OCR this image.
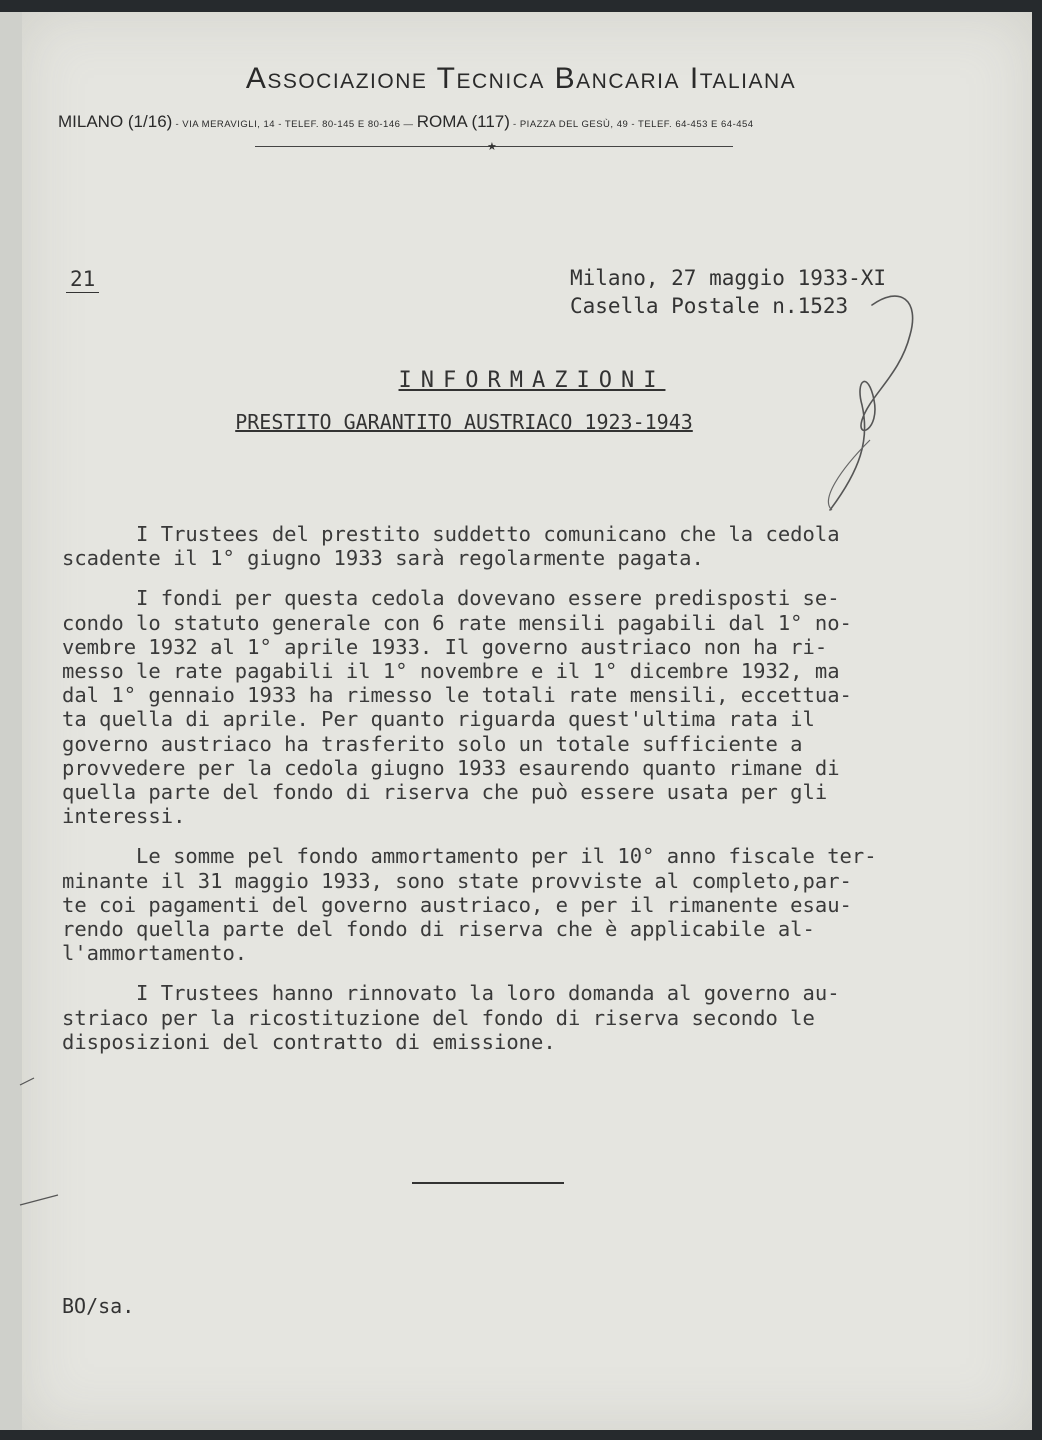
Associazione Tecnica Bancaria Italiana
MILANO (1/16) - VIA MERAVIGLI, 14 - TELEF. 80-145 E 80-146 — ROMA (117) - PIAZZA DEL GESÙ, 49 - TELEF. 64-453 E 64-454
★
21	Milano, 27 maggio 1933-XI
Casella Postale n.1523
INFORMAZIONI
PRESTITO GARANTITO AUSTRIACO 1923-1943

I Trustees del prestito suddetto comunicano che la cedola
scadente il 1° giugno 1933 sarà regolarmente pagata.

I fondi per questa cedola dovevano essere predisposti se-
condo lo statuto generale con 6 rate mensili pagabili dal 1° no-
vembre 1932 al 1° aprile 1933. Il governo austriaco non ha ri-
messo le rate pagabili il 1° novembre e il 1° dicembre 1932, ma
dal 1° gennaio 1933 ha rimesso le totali rate mensili, eccettua-
ta quella di aprile. Per quanto riguarda quest'ultima rata il
governo austriaco ha trasferito solo un totale sufficiente a
provvedere per la cedola giugno 1933 esaurendo quanto rimane di
quella parte del fondo di riserva che può essere usata per gli
interessi.

Le somme pel fondo ammortamento per il 10° anno fiscale ter-
minante il 31 maggio 1933, sono state provviste al completo,par-
te coi pagamenti del governo austriaco, e per il rimanente esau-
rendo quella parte del fondo di riserva che è applicabile al-
l'ammortamento.

I Trustees hanno rinnovato la loro domanda al governo au-
striaco per la ricostituzione del fondo di riserva secondo le
disposizioni del contratto di emissione.

BO/sa.
